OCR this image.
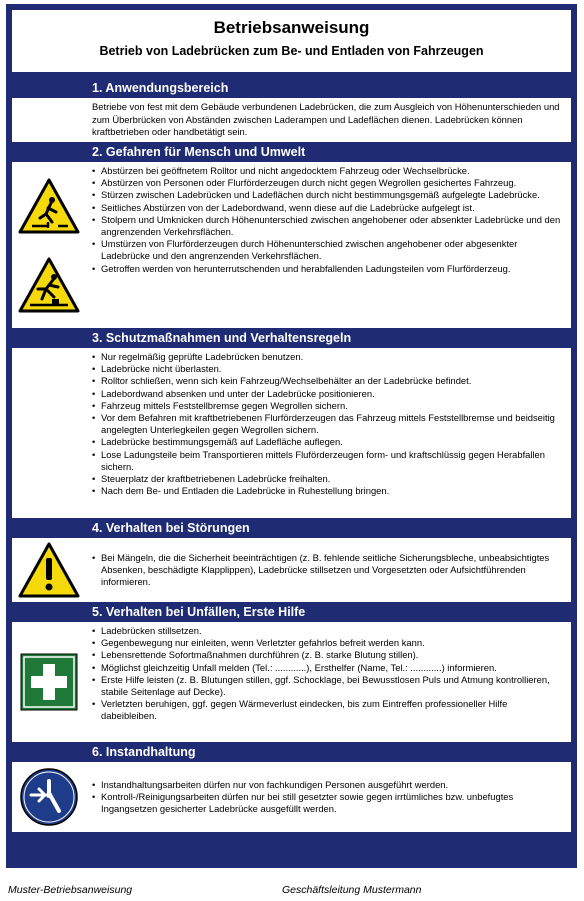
Betriebsanweisung
Betrieb von Ladebrücken zum Be- und Entladen von Fahrzeugen
1. Anwendungsbereich

Betriebe von fest mit dem Gebäude verbundenen Ladebrücken, die zum Ausgleich von Höhenunterschieden und zum Überbrücken von Abständen zwischen Laderampen und Ladeflächen dienen. Ladebrücken können kraftbetrieben oder handbetätigt sein.

2. Gefahren für Mensch und Umwelt
• Abstürzen bei geöffnetem Rolltor und nicht angedocktem Fahrzeug oder Wechselbrücke.
• Abstürzen von Personen oder Flurförderzeugen durch nicht gegen Wegrollen gesichertes Fahrzeug.
• Stürzen zwischen Ladebrücken und Ladeflächen durch nicht bestimmungsgemäß aufgelegte Ladebrücke.
• Seitliches Abstürzen von der Ladebordwand, wenn diese auf die Ladebrücke aufgelegt ist.
• Stolpern und Umknicken durch Höhenunterschied zwischen angehobener oder absenkter Ladebrücke und den angrenzenden Verkehrsflächen.
• Umstürzen von Flurförderzeugen durch Höhenunterschied zwischen angehobener oder abgesenkter Ladebrücke und den angrenzenden Verkehrsflächen.
• Getroffen werden von herunterrutschenden und herabfallenden Ladungsteilen vom Flurförderzeug.
3. Schutzmaßnahmen und Verhaltensregeln
• Nur regelmäßig geprüfte Ladebrücken benutzen.
• Ladebrücke nicht überlasten.
• Rolltor schließen, wenn sich kein Fahrzeug/Wechselbehälter an der Ladebrücke befindet.
• Ladebordwand absenken und unter der Ladebrücke positionieren.
• Fahrzeug mittels Feststellbremse gegen Wegrollen sichern.
• Vor dem Befahren mit kraftbetriebenen Flurförderzeugen das Fahrzeug mittels Feststellbremse und beidseitig angelegten Unterlegkeilen gegen Wegrollen sichern.
• Ladebrücke bestimmungsgemäß auf Ladefläche auflegen.
• Lose Ladungsteile beim Transportieren mittels Fluförderzeugen form- und kraftschlüssig gegen Herabfallen sichern.
• Steuerplatz der kraftbetriebenen Ladebrücke freihalten.
• Nach dem Be- und Entladen die Ladebrücke in Ruhestellung bringen.
4. Verhalten bei Störungen
• Bei Mängeln, die die Sicherheit beeinträchtigen (z. B. fehlende seitliche Sicherungsbleche, unbeabsichtigtes Absenken, beschädigte Klapplippen), Ladebrücke stillsetzen und Vorgesetzten oder Aufsichtführenden informieren.
5. Verhalten bei Unfällen, Erste Hilfe
• Ladebrücken stillsetzen.
• Gegenbewegung nur einleiten, wenn Verletzter gefahrlos befreit werden kann.
• Lebensrettende Sofortmaßnahmen durchführen (z. B. starke Blutung stillen).
• Möglichst gleichzeitig Unfall melden (Tel.: ............), Ersthelfer (Name, Tel.: ............) informieren.
• Erste Hilfe leisten (z. B. Blutungen stillen, ggf. Schocklage, bei Bewusstlosen Puls und Atmung kontrollieren, stabile Seitenlage auf Decke).
• Verletzten beruhigen, ggf. gegen Wärmeverlust eindecken, bis zum Eintreffen professioneller Hilfe dabeibleiben.
6. Instandhaltung
• Instandhaltungsarbeiten dürfen nur von fachkundigen Personen ausgeführt werden.
• Kontroll-/Reinigungsarbeiten dürfen nur bei still gesetzter sowie gegen irrtümliches bzw. unbefugtes Ingangsetzen gesicherter Ladebrücke ausgefüllt werden.
Muster-Betriebsanweisung	Geschäftsleitung Mustermann
